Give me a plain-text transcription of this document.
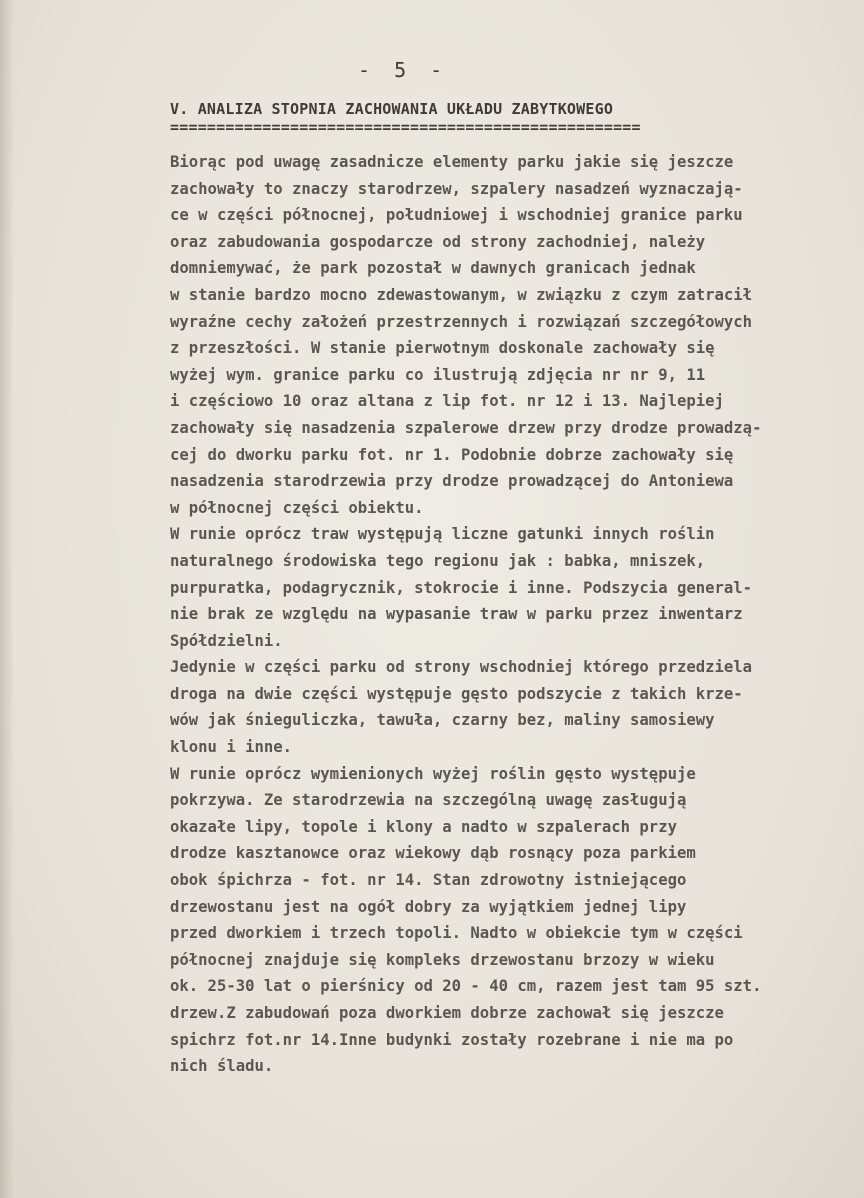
- 5 -
V. ANALIZA STOPNIA ZACHOWANIA UKŁADU ZABYTKOWEGO
===================================================
Biorąc pod uwagę zasadnicze elementy parku jakie się jeszcze
zachowały to znaczy starodrzew, szpalery nasadzeń wyznaczają-
ce w części północnej, południowej i wschodniej granice parku
oraz zabudowania gospodarcze od strony zachodniej, należy
domniemywać, że park pozostał w dawnych granicach jednak
w stanie bardzo mocno zdewastowanym, w związku z czym zatracił
wyraźne cechy założeń przestrzennych i rozwiązań szczegółowych
z przeszłości. W stanie pierwotnym doskonale zachowały się
wyżej wym. granice parku co ilustrują zdjęcia nr nr 9, 11
i częściowo 10 oraz altana z lip fot. nr 12 i 13. Najlepiej
zachowały się nasadzenia szpalerowe drzew przy drodze prowadzą-
cej do dworku parku fot. nr 1. Podobnie dobrze zachowały się
nasadzenia starodrzewia przy drodze prowadzącej do Antoniewa
w północnej części obiektu.
W runie oprócz traw występują liczne gatunki innych roślin
naturalnego środowiska tego regionu jak : babka, mniszek,
purpuratka, podagrycznik, stokrocie i inne. Podszycia general-
nie brak ze względu na wypasanie traw w parku przez inwentarz
Spółdzielni.
Jedynie w części parku od strony wschodniej którego przedziela
droga na dwie części występuje gęsto podszycie z takich krze-
wów jak śnieguliczka, tawuła, czarny bez, maliny samosiewy
klonu i inne.
W runie oprócz wymienionych wyżej roślin gęsto występuje
pokrzywa. Ze starodrzewia na szczególną uwagę zasługują
okazałe lipy, topole i klony a nadto w szpalerach przy
drodze kasztanowce oraz wiekowy dąb rosnący poza parkiem
obok śpichrza - fot. nr 14. Stan zdrowotny istniejącego
drzewostanu jest na ogół dobry za wyjątkiem jednej lipy
przed dworkiem i trzech topoli. Nadto w obiekcie tym w części
północnej znajduje się kompleks drzewostanu brzozy w wieku
ok. 25-30 lat o pierśnicy od 20 - 40 cm, razem jest tam 95 szt.
drzew.Z zabudowań poza dworkiem dobrze zachował się jeszcze
spichrz fot.nr 14.Inne budynki zostały rozebrane i nie ma po
nich śladu.
